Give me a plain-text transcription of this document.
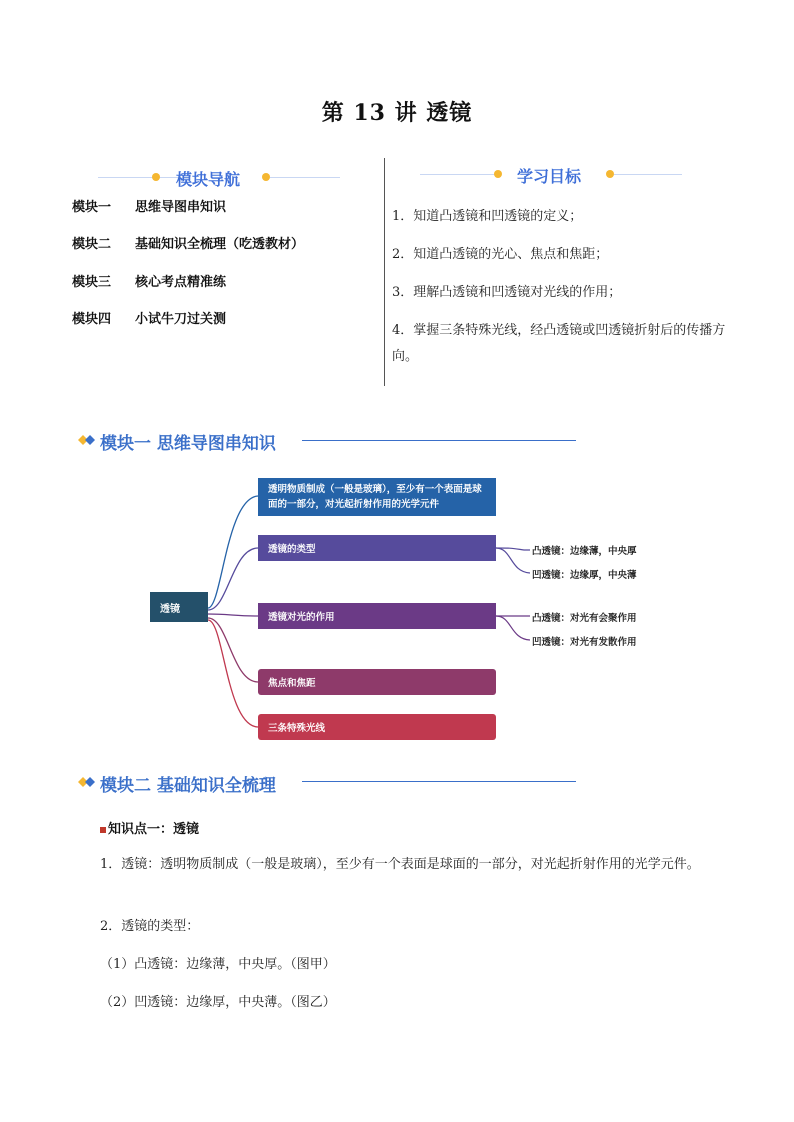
第 13 讲 透镜
模块导航
模块一 思维导图串知识
模块二 基础知识全梳理（吃透教材）
模块三 核心考点精准练
模块四 小试牛刀过关测
学习目标
1．知道凸透镜和凹透镜的定义；
2．知道凸透镜的光心、焦点和焦距；
3．理解凸透镜和凹透镜对光线的作用；
4．掌握三条特殊光线，经凸透镜或凹透镜折射后的传播方向。
模块一 思维导图串知识
透镜
透明物质制成（一般是玻璃），至少有一个表面是球面的一部分，对光起折射作用的光学元件
透镜的类型	凸透镜：边缘薄，中央厚
凹透镜：边缘厚，中央薄
透镜对光的作用	凸透镜：对光有会聚作用
凹透镜：对光有发散作用
焦点和焦距
三条特殊光线
模块二 基础知识全梳理
知识点一：透镜
1．透镜：透明物质制成（一般是玻璃），至少有一个表面是球面的一部分，对光起折射作用的光学元件。
2．透镜的类型：
（1）凸透镜：边缘薄，中央厚。（图甲）
（2）凹透镜：边缘厚，中央薄。（图乙）
